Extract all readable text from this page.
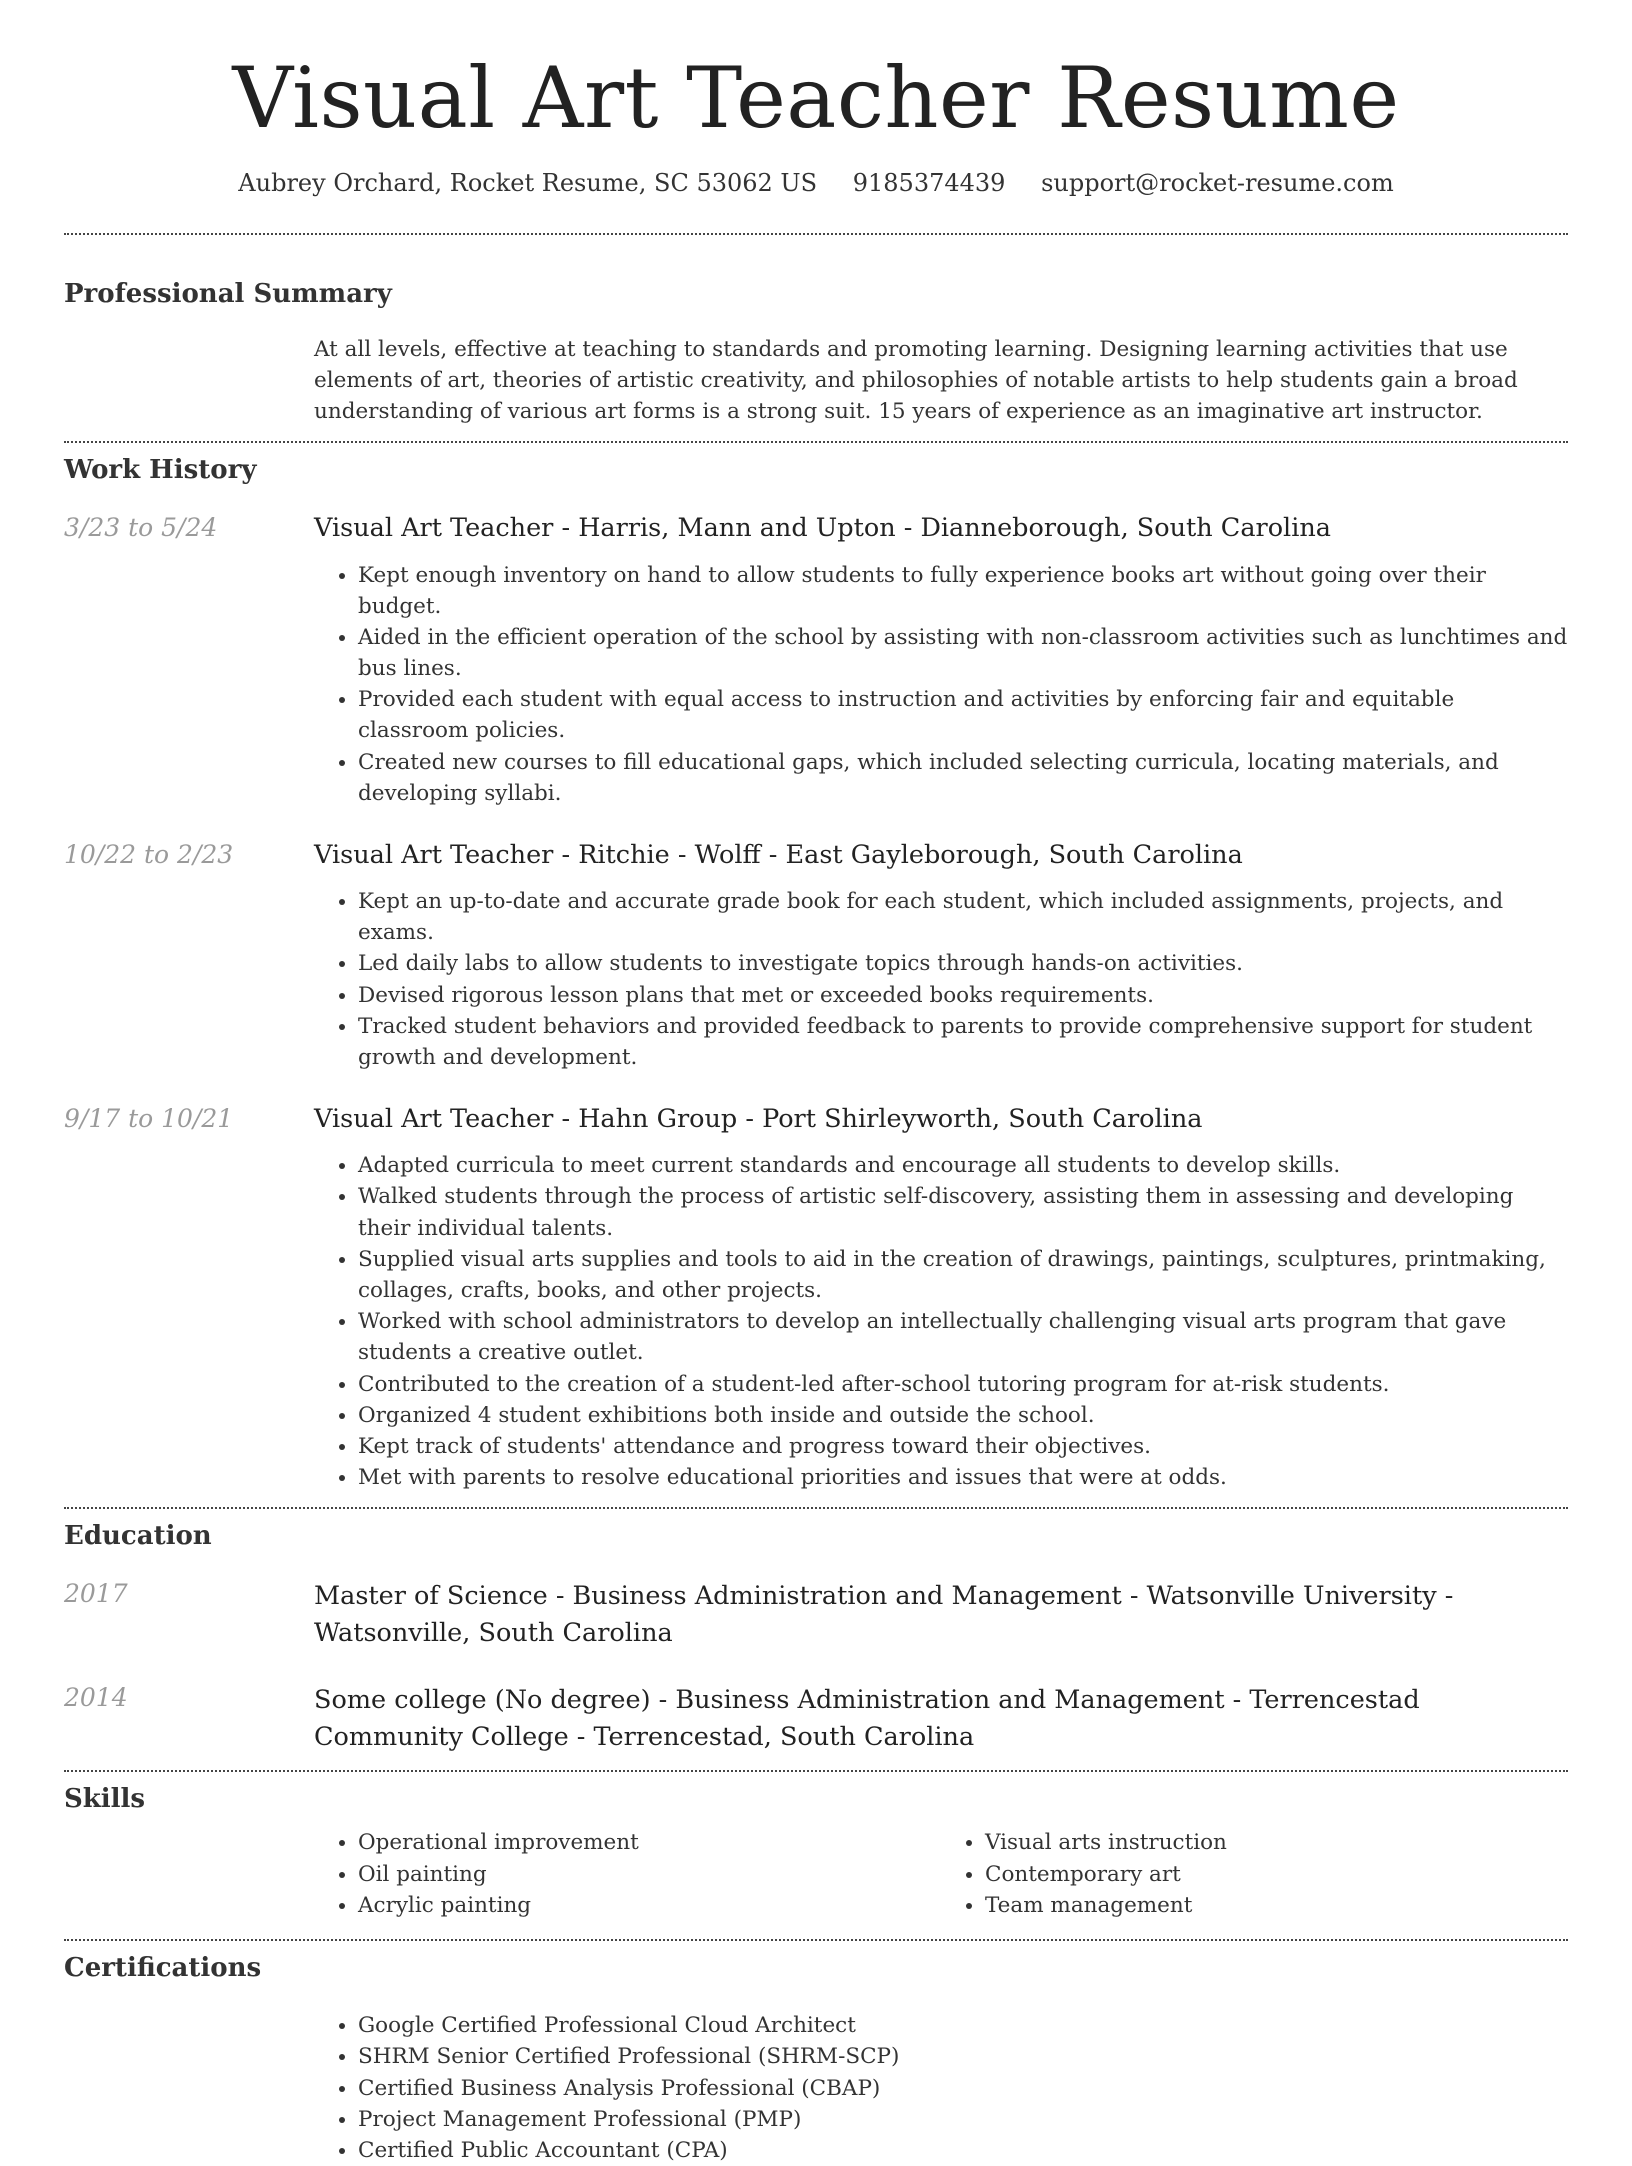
Visual Art Teacher Resume
Aubrey Orchard, Rocket Resume, SC 53062 US 9185374439 support@rocket-resume.com
Professional Summary

At all levels, effective at teaching to standards and promoting learning. Designing learning activities that use elements of art, theories of artistic creativity, and philosophies of notable artists to help students gain a broad understanding of various art forms is a strong suit. 15 years of experience as an imaginative art instructor.

Work History
3/23 to 5/24	Visual Art Teacher - Harris, Mann and Upton - Dianneborough, South Carolina
• Kept enough inventory on hand to allow students to fully experience books art without going over their budget.
• Aided in the efficient operation of the school by assisting with non-classroom activities such as lunchtimes and bus lines.
• Provided each student with equal access to instruction and activities by enforcing fair and equitable classroom policies.
• Created new courses to fill educational gaps, which included selecting curricula, locating materials, and developing syllabi.
10/22 to 2/23	Visual Art Teacher - Ritchie - Wolff - East Gayleborough, South Carolina
• Kept an up-to-date and accurate grade book for each student, which included assignments, projects, and exams.
• Led daily labs to allow students to investigate topics through hands-on activities.
• Devised rigorous lesson plans that met or exceeded books requirements.
• Tracked student behaviors and provided feedback to parents to provide comprehensive support for student growth and development.
9/17 to 10/21	Visual Art Teacher - Hahn Group - Port Shirleyworth, South Carolina
• Adapted curricula to meet current standards and encourage all students to develop skills.
• Walked students through the process of artistic self-discovery, assisting them in assessing and developing their individual talents.
• Supplied visual arts supplies and tools to aid in the creation of drawings, paintings, sculptures, printmaking, collages, crafts, books, and other projects.
• Worked with school administrators to develop an intellectually challenging visual arts program that gave students a creative outlet.
• Contributed to the creation of a student-led after-school tutoring program for at-risk students.
• Organized 4 student exhibitions both inside and outside the school.
• Kept track of students' attendance and progress toward their objectives.
• Met with parents to resolve educational priorities and issues that were at odds.
Education
2017	Master of Science - Business Administration and Management - Watsonville University - Watsonville, South Carolina
2014	Some college (No degree) - Business Administration and Management - Terrencestad Community College - Terrencestad, South Carolina
Skills
• Operational improvement
• Oil painting
• Acrylic painting
• Visual arts instruction
• Contemporary art
• Team management
Certifications
• Google Certified Professional Cloud Architect
• SHRM Senior Certified Professional (SHRM-SCP)
• Certified Business Analysis Professional (CBAP)
• Project Management Professional (PMP)
• Certified Public Accountant (CPA)
